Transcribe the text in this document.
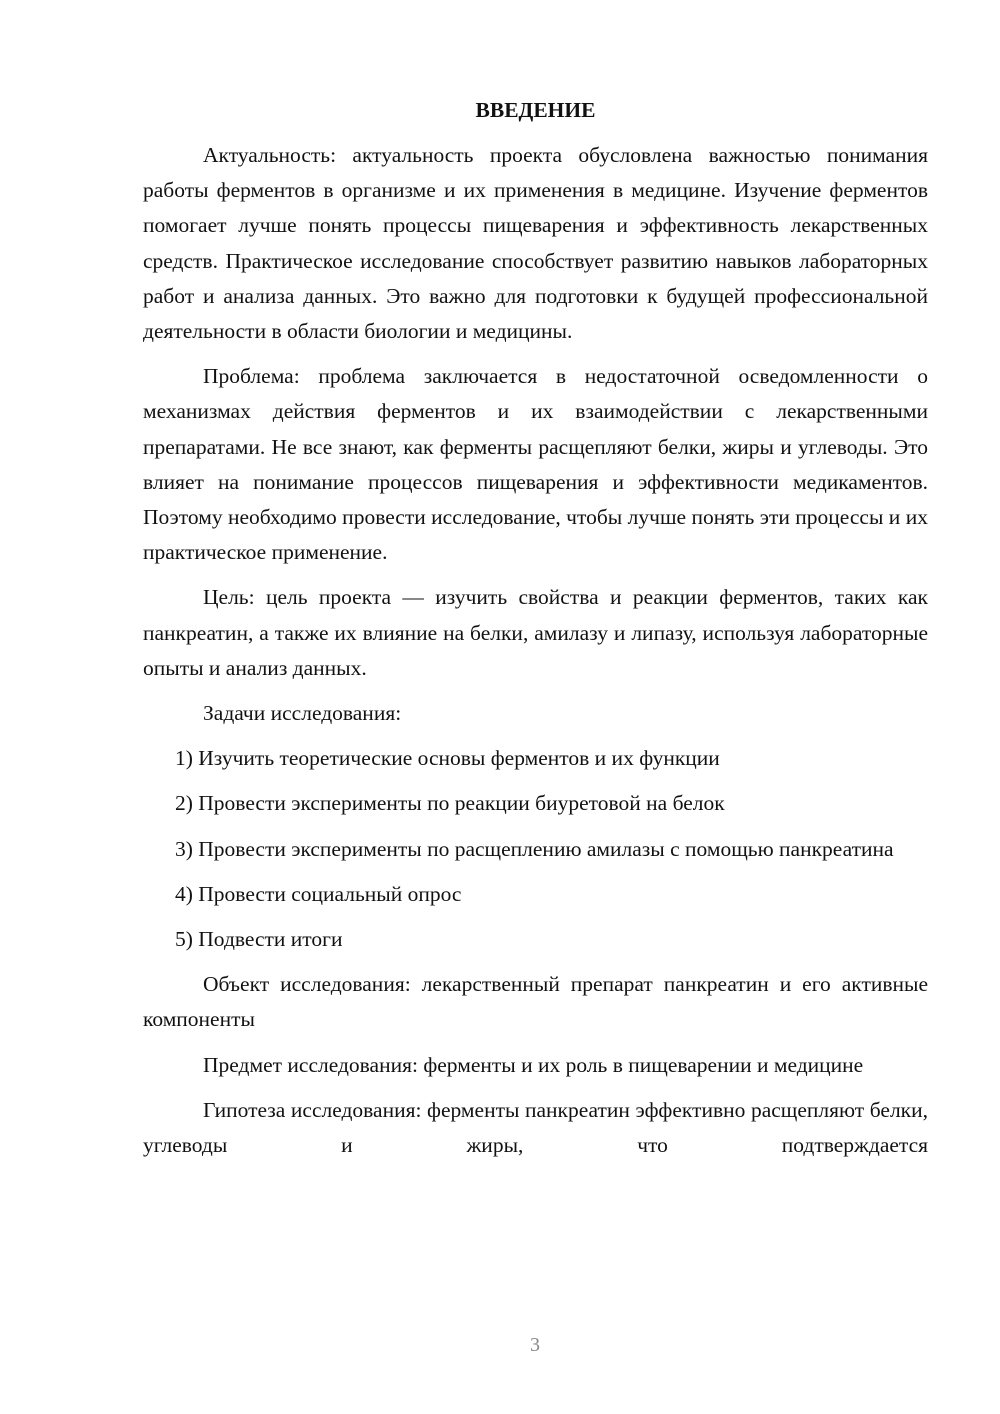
ВВЕДЕНИЕ

Актуальность: актуальность проекта обусловлена важностью понимания работы ферментов в организме и их применения в медицине. Изучение ферментов помогает лучше понять процессы пищеварения и эффективность лекарственных средств. Практическое исследование способствует развитию навыков лабораторных работ и анализа данных. Это важно для подготовки к будущей профессиональной деятельности в области биологии и медицины.

Проблема: проблема заключается в недостаточной осведомленности о механизмах действия ферментов и их взаимодействии с лекарственными препаратами. Не все знают, как ферменты расщепляют белки, жиры и углеводы. Это влияет на понимание процессов пищеварения и эффективности медикаментов. Поэтому необходимо провести исследование, чтобы лучше понять эти процессы и их практическое применение.

Цель: цель проекта — изучить свойства и реакции ферментов, таких как панкреатин, а также их влияние на белки, амилазу и липазу, используя лабораторные опыты и анализ данных.

Задачи исследования:

1) Изучить теоретические основы ферментов и их функции

2) Провести эксперименты по реакции биуретовой на белок

3) Провести эксперименты по расщеплению амилазы с помощью панкреатина

4) Провести социальный опрос

5) Подвести итоги

Объект исследования: лекарственный препарат панкреатин и его активные компоненты

Предмет исследования: ферменты и их роль в пищеварении и медицине

Гипотеза исследования: ферменты панкреатин эффективно расщепляют белки, углеводы и жиры, что подтверждается

3
